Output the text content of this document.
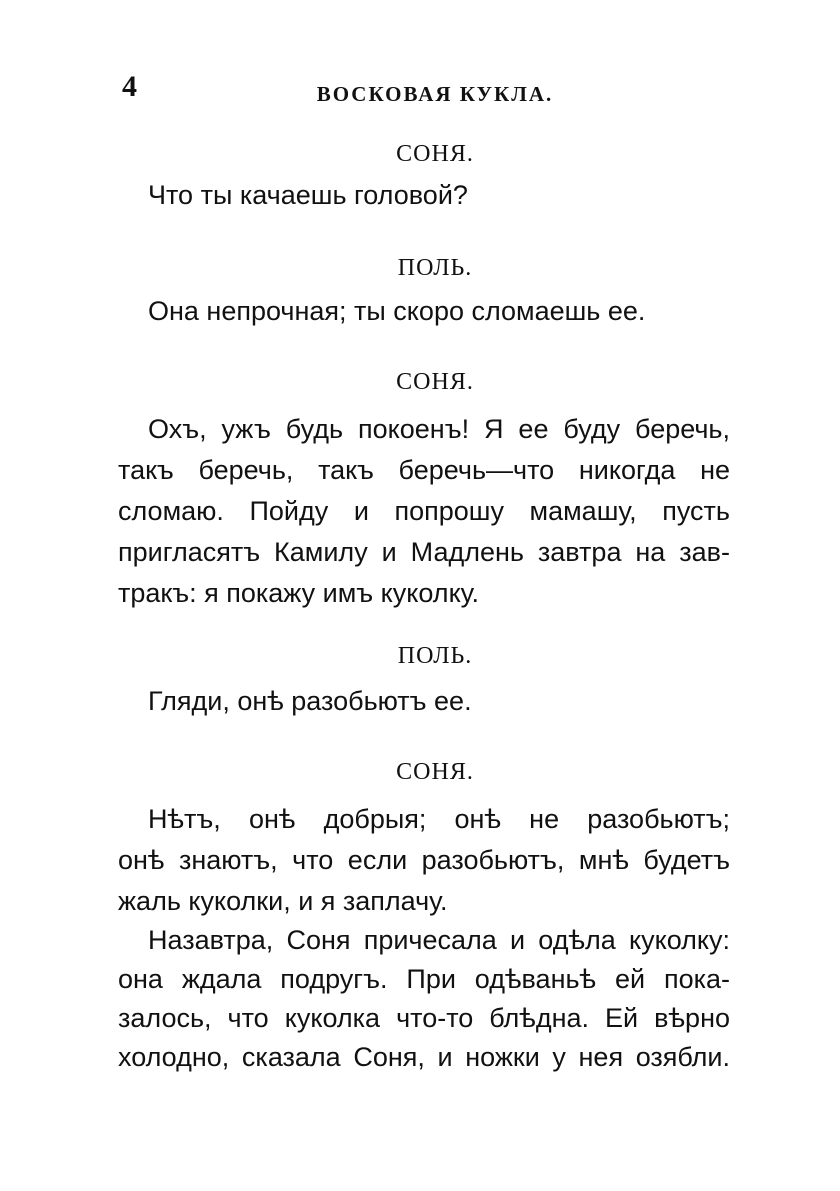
4	ВОСКОВАЯ КУКЛА.
СОНЯ.
Что ты качаешь головой?
ПОЛЬ.
Она непрочная; ты скоро сломаешь ее.
СОНЯ.
Охъ, ужъ будь покоенъ! Я ее буду беречь,
такъ беречь, такъ беречь—что никогда не
сломаю. Пойду и попрошу мамашу, пусть
пригласятъ Камилу и Мадлень завтра на зав-
тракъ: я покажу имъ куколку.
ПОЛЬ.
Гляди, онѣ разобьютъ ее.
СОНЯ.
Нѣтъ, онѣ добрыя; онѣ не разобьютъ;
онѣ знаютъ, что если разобьютъ, мнѣ будетъ
жаль куколки, и я заплачу.
Назавтра, Соня причесала и одѣла куколку:
она ждала подругъ. При одѣваньѣ ей пока-
залось, что куколка что-то блѣдна. Ей вѣрно
холодно, сказала Соня, и ножки у нея озябли.
